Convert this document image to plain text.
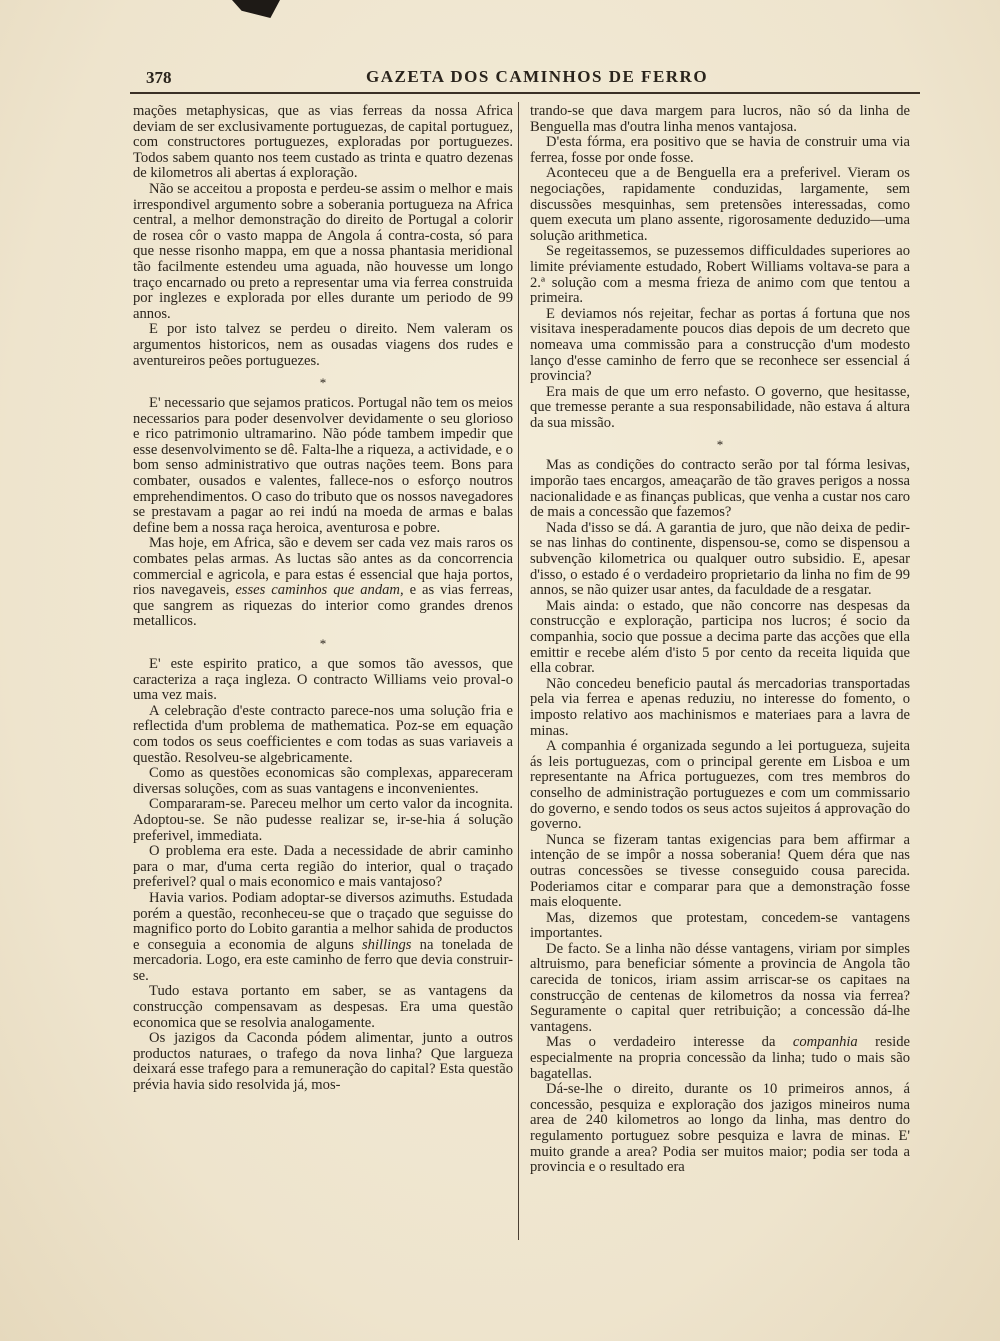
378	GAZETA DOS CAMINHOS DE FERRO

mações metaphysicas, que as vias ferreas da nossa Africa deviam de ser exclusivamente portuguezas, de capital portuguez, com constructores portuguezes, exploradas por portuguezes. Todos sabem quanto nos teem custado as trinta e quatro dezenas de kilometros ali abertas á exploração.

Não se acceitou a proposta e perdeu-se assim o melhor e mais irrespondivel argumento sobre a soberania portugueza na Africa central, a melhor demonstração do direito de Portugal a colorir de rosea côr o vasto mappa de Angola á contra-costa, só para que nesse risonho mappa, em que a nossa phantasia meridional tão facilmente estendeu uma aguada, não houvesse um longo traço encarnado ou preto a representar uma via ferrea construida por inglezes e explorada por elles durante um periodo de 99 annos.

E por isto talvez se perdeu o direito. Nem valeram os argumentos historicos, nem as ousadas viagens dos rudes e aventureiros peões portuguezes.

*

E' necessario que sejamos praticos. Portugal não tem os meios necessarios para poder desenvolver devidamente o seu glorioso e rico patrimonio ultramarino. Não póde tambem impedir que esse desenvolvimento se dê. Falta-lhe a riqueza, a actividade, e o bom senso administrativo que outras nações teem. Bons para combater, ousados e valentes, fallece-nos o esforço noutros emprehendimentos. O caso do tributo que os nossos navegadores se prestavam a pagar ao rei indú na moeda de armas e balas define bem a nossa raça heroica, aventurosa e pobre.

Mas hoje, em Africa, são e devem ser cada vez mais raros os combates pelas armas. As luctas são antes as da concorrencia commercial e agricola, e para estas é essencial que haja portos, rios navegaveis, esses caminhos que andam, e as vias ferreas, que sangrem as riquezas do interior como grandes drenos metallicos.

*

E' este espirito pratico, a que somos tão avessos, que caracteriza a raça ingleza. O contracto Williams veio proval-o uma vez mais.

A celebração d'este contracto parece-nos uma solução fria e reflectida d'um problema de mathematica. Poz-se em equação com todos os seus coefficientes e com todas as suas variaveis a questão. Resolveu-se algebricamente.

Como as questões economicas são complexas, appareceram diversas soluções, com as suas vantagens e inconvenientes.

Compararam-se. Pareceu melhor um certo valor da incognita. Adoptou-se. Se não pudesse realizar se, ir-se-hia á solução preferivel, immediata.

O problema era este. Dada a necessidade de abrir caminho para o mar, d'uma certa região do interior, qual o traçado preferivel? qual o mais economico e mais vantajoso?

Havia varios. Podiam adoptar-se diversos azimuths. Estudada porém a questão, reconheceu-se que o traçado que seguisse do magnifico porto do Lobito garantia a melhor sahida de productos e conseguia a economia de alguns shillings na tonelada de mercadoria. Logo, era este caminho de ferro que devia construir-se.

Tudo estava portanto em saber, se as vantagens da construcção compensavam as despesas. Era uma questão economica que se resolvia analogamente.

Os jazigos da Caconda pódem alimentar, junto a outros productos naturaes, o trafego da nova linha? Que largueza deixará esse trafego para a remuneração do capital? Esta questão prévia havia sido resolvida já, mos-

trando-se que dava margem para lucros, não só da linha de Benguella mas d'outra linha menos vantajosa.

D'esta fórma, era positivo que se havia de construir uma via ferrea, fosse por onde fosse.

Aconteceu que a de Benguella era a preferivel. Vieram os negociações, rapidamente conduzidas, largamente, sem discussões mesquinhas, sem pretensões interessadas, como quem executa um plano assente, rigorosamente deduzido—uma solução arithmetica.

Se regeitassemos, se puzessemos difficuldades superiores ao limite préviamente estudado, Robert Williams voltava-se para a 2.ª solução com a mesma frieza de animo com que tentou a primeira.

E deviamos nós rejeitar, fechar as portas á fortuna que nos visitava inesperadamente poucos dias depois de um decreto que nomeava uma commissão para a construcção d'um modesto lanço d'esse caminho de ferro que se reconhece ser essencial á provincia?

Era mais de que um erro nefasto. O governo, que hesitasse, que tremesse perante a sua responsabilidade, não estava á altura da sua missão.

*

Mas as condições do contracto serão por tal fórma lesivas, imporão taes encargos, ameaçarão de tão graves perigos a nossa nacionalidade e as finanças publicas, que venha a custar nos caro de mais a concessão que fazemos?

Nada d'isso se dá. A garantia de juro, que não deixa de pedir-se nas linhas do continente, dispensou-se, como se dispensou a subvenção kilometrica ou qualquer outro subsidio. E, apesar d'isso, o estado é o verdadeiro proprietario da linha no fim de 99 annos, se não quizer usar antes, da faculdade de a resgatar.

Mais ainda: o estado, que não concorre nas despesas da construcção e exploração, participa nos lucros; é socio da companhia, socio que possue a decima parte das acções que ella emittir e recebe além d'isto 5 por cento da receita liquida que ella cobrar.

Não concedeu beneficio pautal ás mercadorias transportadas pela via ferrea e apenas reduziu, no interesse do fomento, o imposto relativo aos machinismos e materiaes para a lavra de minas.

A companhia é organizada segundo a lei portugueza, sujeita ás leis portuguezas, com o principal gerente em Lisboa e um representante na Africa portuguezes, com tres membros do conselho de administração portuguezes e com um commissario do governo, e sendo todos os seus actos sujeitos á approvação do governo.

Nunca se fizeram tantas exigencias para bem affirmar a intenção de se impôr a nossa soberania! Quem déra que nas outras concessões se tivesse conseguido cousa parecida. Poderiamos citar e comparar para que a demonstração fosse mais eloquente.

Mas, dizemos que protestam, concedem-se vantagens importantes.

De facto. Se a linha não désse vantagens, viriam por simples altruismo, para beneficiar sómente a provincia de Angola tão carecida de tonicos, iriam assim arriscar-se os capitaes na construcção de centenas de kilometros da nossa via ferrea? Seguramente o capital quer retribuição; a concessão dá-lhe vantagens.

Mas o verdadeiro interesse da companhia reside especialmente na propria concessão da linha; tudo o mais são bagatellas.

Dá-se-lhe o direito, durante os 10 primeiros annos, á concessão, pesquiza e exploração dos jazigos mineiros numa area de 240 kilometros ao longo da linha, mas dentro do regulamento portuguez sobre pesquiza e lavra de minas. E' muito grande a area? Podia ser muitos maior; podia ser toda a provincia e o resultado era
